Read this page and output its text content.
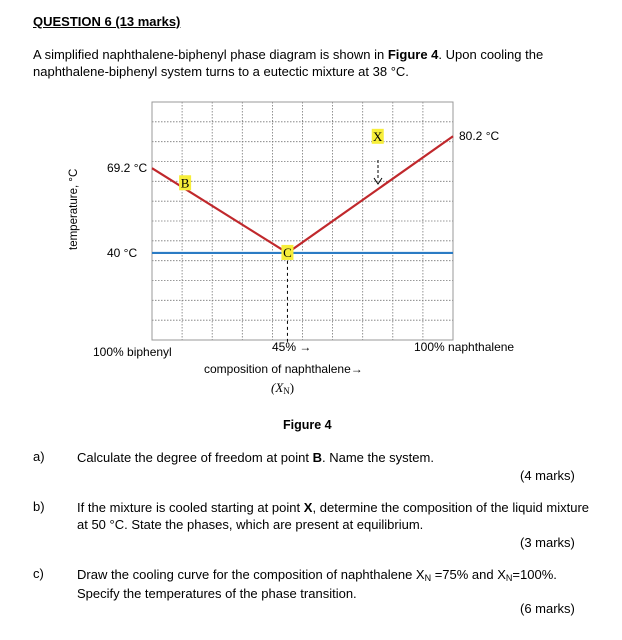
QUESTION 6 (13 marks)
A simplified naphthalene-biphenyl phase diagram is shown in Figure 4. Upon cooling the naphthalene-biphenyl system turns to a eutectic mixture at 38 °C.
B
C
X
69.2 °C
80.2 °C
40 °C
temperature, °C
100% biphenyl	45% →	100% naphthalene
composition of naphthalene→
(XN)
Figure 4
a) Calculate the degree of freedom at point B. Name the system.
(4 marks)
b) If the mixture is cooled starting at point X, determine the composition of the liquid mixture at 50 °C. State the phases, which are present at equilibrium.
(3 marks)
c)	Draw the cooling curve for the composition of naphthalene XN =75% and XN=100%.
Specify the temperatures of the phase transition.
(6 marks)
